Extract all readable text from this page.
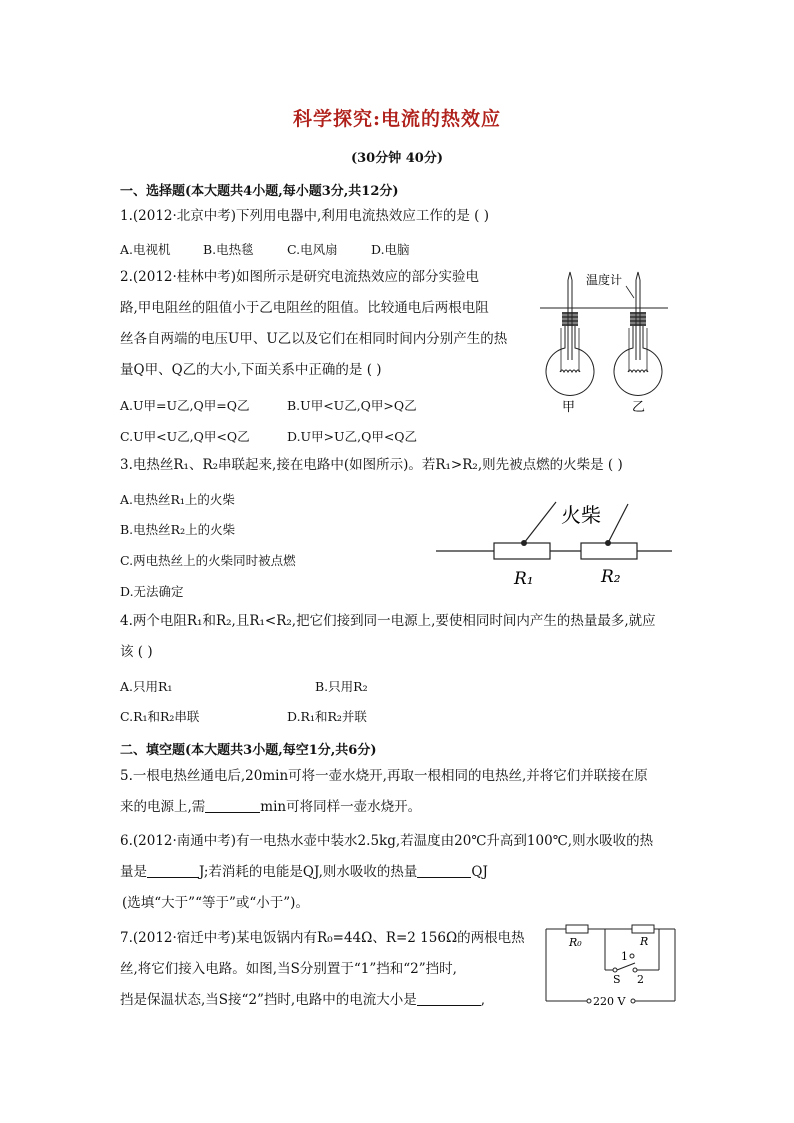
科学探究:电流的热效应
(30分钟 40分)
一、选择题(本大题共4小题,每小题3分,共12分)
1.(2012·北京中考)下列用电器中,利用电流热效应工作的是 ( )
A.电视机	B.电热毯	C.电风扇	D.电脑
2.(2012·桂林中考)如图所示是研究电流热效应的部分实验电
路,甲电阻丝的阻值小于乙电阻丝的阻值。比较通电后两根电阻
丝各自两端的电压U甲、U乙以及它们在相同时间内分别产生的热
量Q甲、Q乙的大小,下面关系中正确的是 ( )
A.U甲=U乙,Q甲=Q乙	B.U甲<U乙,Q甲>Q乙
C.U甲<U乙,Q甲<Q乙	D.U甲>U乙,Q甲<Q乙
温度计
甲	乙
3.电热丝R₁、R₂串联起来,接在电路中(如图所示)。若R₁>R₂,则先被点燃的火柴是 ( )
A.电热丝R₁上的火柴
B.电热丝R₂上的火柴
C.两电热丝上的火柴同时被点燃
D.无法确定
火柴
R₁	R₂
4.两个电阻R₁和R₂,且R₁<R₂,把它们接到同一电源上,要使相同时间内产生的热量最多,就应
该 ( )
A.只用R₁	B.只用R₂
C.R₁和R₂串联	D.R₁和R₂并联
二、填空题(本大题共3小题,每空1分,共6分)
5.一根电热丝通电后,20min可将一壶水烧开,再取一根相同的电热丝,并将它们并联接在原
来的电源上,需	min可将同样一壶水烧开。
6.(2012·南通中考)有一电热水壶中装水2.5kg,若温度由20℃升高到100℃,则水吸收的热
量是	J;若消耗的电能是QJ,则水吸收的热量	QJ
(选填“大于”“等于”或“小于”)。
7.(2012·宿迁中考)某电饭锅内有R₀=44Ω、R=2 156Ω的两根电热
丝,将它们接入电路。如图,当S分别置于“1”挡和“2”挡时,
挡是保温状态,当S接“2”挡时,电路中的电流大小是	,
R₀	R
1
2
S
220 V
